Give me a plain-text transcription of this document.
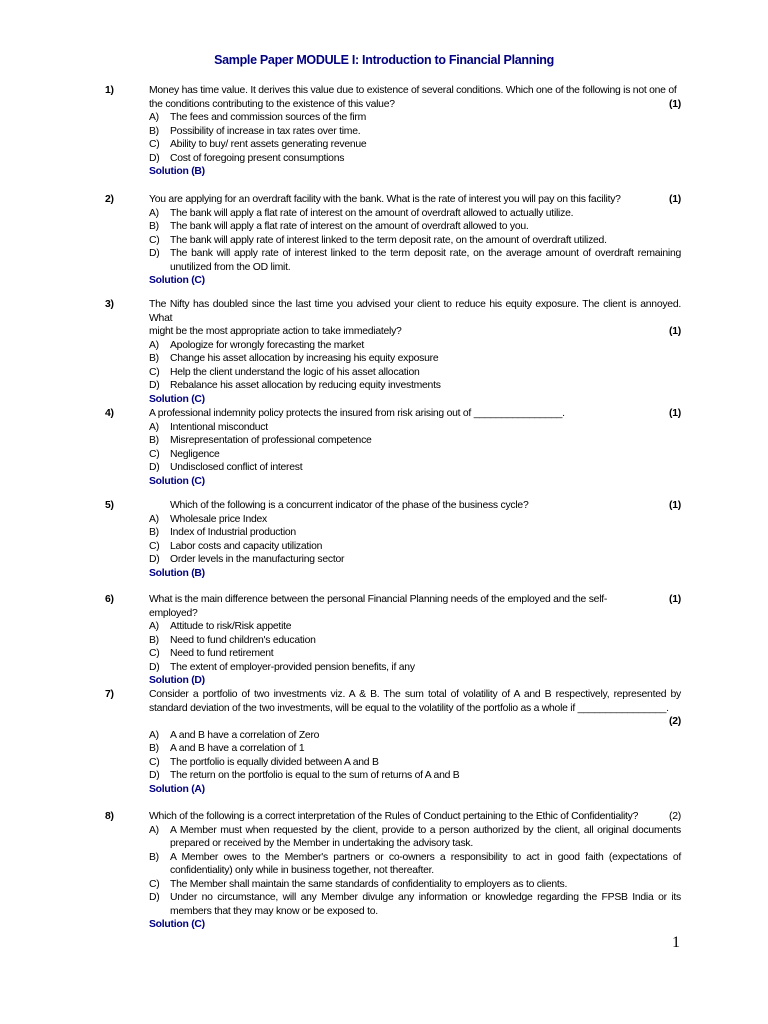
Sample Paper MODULE I: Introduction to Financial Planning
1)	Money has time value. It derives this value due to existence of several conditions. Which one of the following is not one of
the conditions contributing to the existence of this value?	(1)
A) The fees and commission sources of the firm
B) Possibility of increase in tax rates over time.
C) Ability to buy/ rent assets generating revenue
D) Cost of foregoing present consumptions
Solution (B)
2)	You are applying for an overdraft facility with the bank. What is the rate of interest you will pay on this facility?	(1)
A) The bank will apply a flat rate of interest on the amount of overdraft allowed to actually utilize.
B) The bank will apply a flat rate of interest on the amount of overdraft allowed to you.
C) The bank will apply rate of interest linked to the term deposit rate, on the amount of overdraft utilized.
D) The bank will apply rate of interest linked to the term deposit rate, on the average amount of overdraft remaining unutilized from the OD limit.
Solution (C)
3)	The Nifty has doubled since the last time you advised your client to reduce his equity exposure. The client is annoyed. What
might be the most appropriate action to take immediately?	(1)
A) Apologize for wrongly forecasting the market
B) Change his asset allocation by increasing his equity exposure
C) Help the client understand the logic of his asset allocation
D) Rebalance his asset allocation by reducing equity investments
Solution (C)
4)	A professional indemnity policy protects the insured from risk arising out of ________________.	(1)
A) Intentional misconduct
B) Misrepresentation of professional competence
C) Negligence
D) Undisclosed conflict of interest
Solution (C)
5)	Which of the following is a concurrent indicator of the phase of the business cycle?	(1)
A) Wholesale price Index
B) Index of Industrial production
C) Labor costs and capacity utilization
D) Order levels in the manufacturing sector
Solution (B)
6)	What is the main difference between the personal Financial Planning needs of the employed and the self-employed?
(1)
A) Attitude to risk/Risk appetite
B) Need to fund children's education
C) Need to fund retirement
D) The extent of employer-provided pension benefits, if any
Solution (D)
7)	Consider a portfolio of two investments viz. A & B. The sum total of volatility of A and B respectively, represented by standard deviation of the two investments, will be equal to the volatility of the portfolio as a whole if ________________.
(2)
A) A and B have a correlation of Zero
B) A and B have a correlation of 1
C) The portfolio is equally divided between A and B
D) The return on the portfolio is equal to the sum of returns of A and B
Solution (A)
8)	Which of the following is a correct interpretation of the Rules of Conduct pertaining to the Ethic of Confidentiality?	(2)
A) A Member must when requested by the client, provide to a person authorized by the client, all original documents prepared or received by the Member in undertaking the advisory task.
B) A Member owes to the Member's partners or co-owners a responsibility to act in good faith (expectations of confidentiality) only while in business together, not thereafter.
C) The Member shall maintain the same standards of confidentiality to employers as to clients.
D) Under no circumstance, will any Member divulge any information or knowledge regarding the FPSB India or its members that they may know or be exposed to.
Solution (C)
1
